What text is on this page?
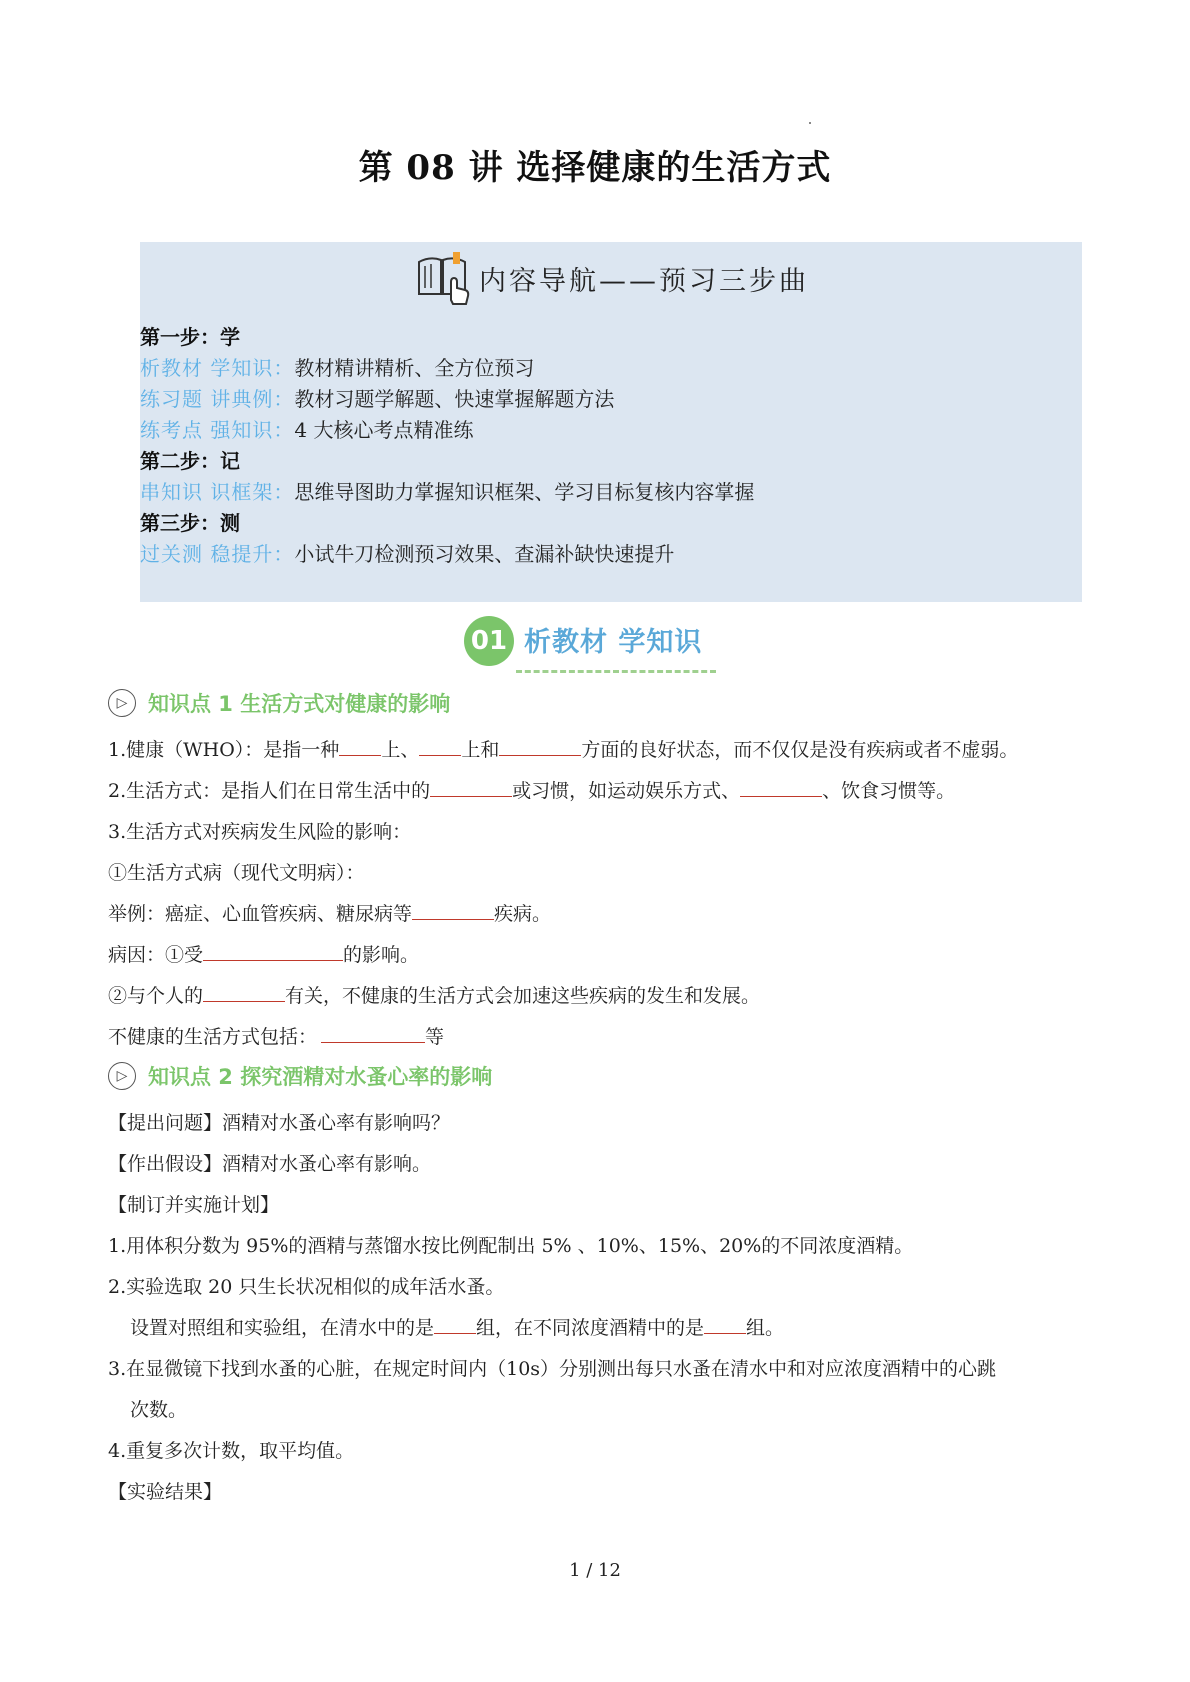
第 08 讲 选择健康的生活方式
内容导航——预习三步曲
第一步：学
析教材 学知识： 教材精讲精析、全方位预习
练习题 讲典例： 教材习题学解题、快速掌握解题方法
练考点 强知识： 4 大核心考点精准练
第二步：记
串知识 识框架： 思维导图助力掌握知识框架、学习目标复核内容掌握
第三步：测
过关测 稳提升： 小试牛刀检测预习效果、查漏补缺快速提升
01 析教材 学知识
▷ 知识点 1 生活方式对健康的影响
1.健康（WHO）：是指一种 上、 上和	方面的良好状态，而不仅仅是没有疾病或者不虚弱。
2.生活方式：是指人们在日常生活中的	或习惯，如运动娱乐方式、	、饮食习惯等。
3.生活方式对疾病发生风险的影响：
①生活方式病（现代文明病）：
举例：癌症、心血管疾病、糖尿病等	疾病。
病因：①受	的影响。
②与个人的	有关，不健康的生活方式会加速这些疾病的发生和发展。
不健康的生活方式包括：	等
▷ 知识点 2 探究酒精对水蚤心率的影响
【提出问题】酒精对水蚤心率有影响吗？
【作出假设】酒精对水蚤心率有影响。
【制订并实施计划】
1.用体积分数为 95%的酒精与蒸馏水按比例配制出 5% 、10%、15%、20%的不同浓度酒精。
2.实验选取 20 只生长状况相似的成年活水蚤。
设置对照组和实验组，在清水中的是 组，在不同浓度酒精中的是 组。
3.在显微镜下找到水蚤的心脏，在规定时间内（10s）分别测出每只水蚤在清水中和对应浓度酒精中的心跳
次数。
4.重复多次计数，取平均值。
【实验结果】
1 / 12
